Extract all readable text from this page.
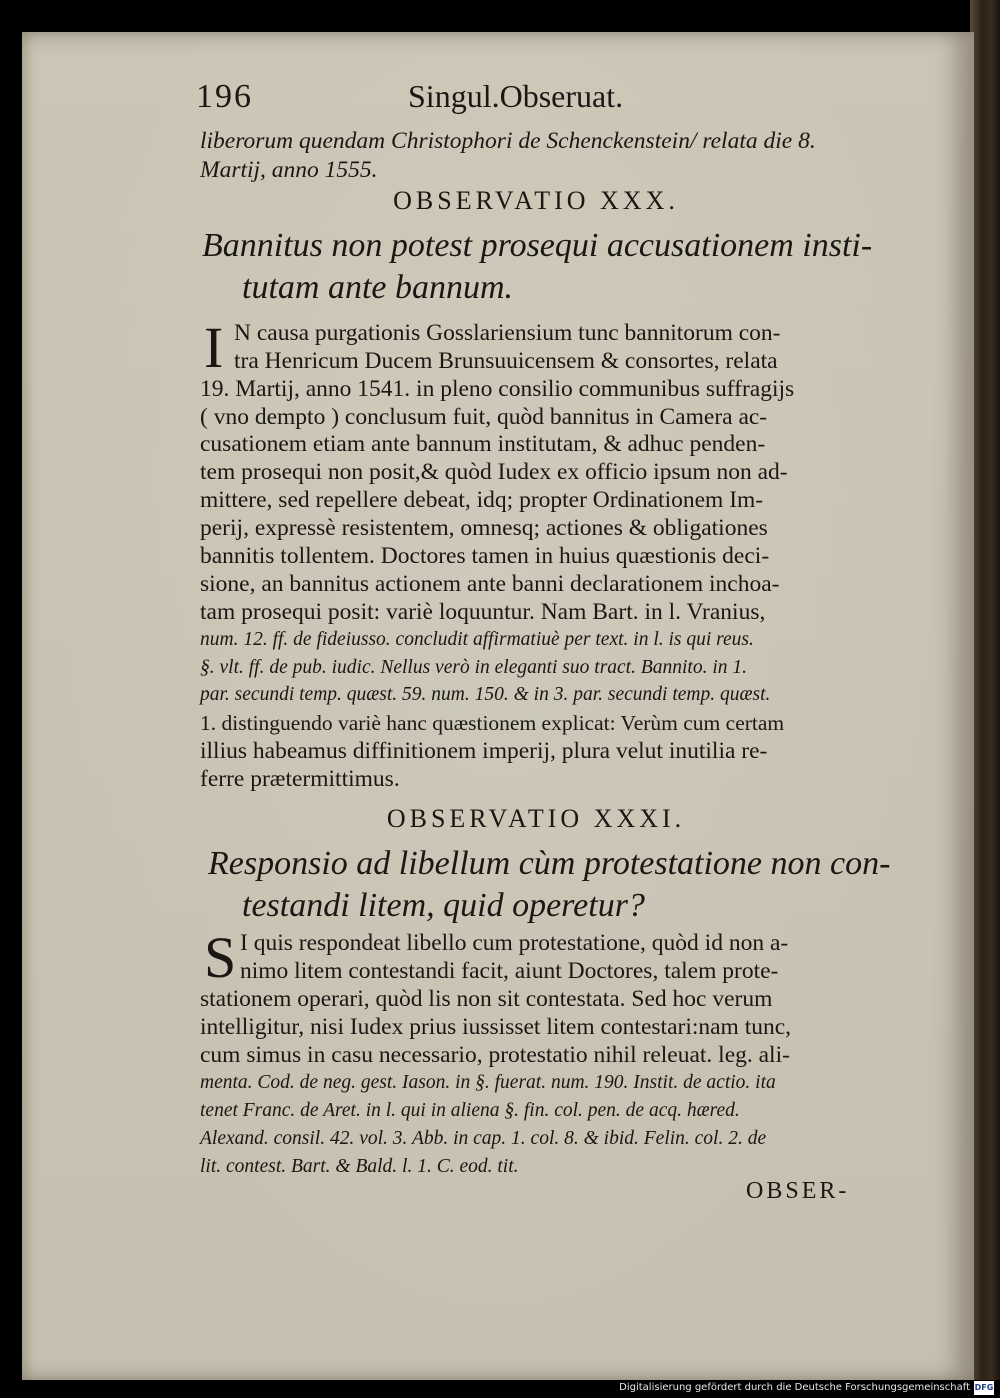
196	Singul.Obseruat.
liberorum quendam Christophori de Schenckenstein/ relata die 8.
Martij, anno 1555.
OBSERVATIO XXX.
Bannitus non potest prosequi accusationem insti-
tutam ante bannum.
I N causa purgationis Gosslariensium tunc bannitorum con-
tra Henricum Ducem Brunsuuicensem & consortes, relata
19. Martij, anno 1541. in pleno consilio communibus suffragijs
( vno dempto ) conclusum fuit, quòd bannitus in Camera ac-
cusationem etiam ante bannum institutam, & adhuc penden-
tem prosequi non posit,& quòd Iudex ex officio ipsum non ad-
mittere, sed repellere debeat, idq; propter Ordinationem Im-
perij, expressè resistentem, omnesq; actiones & obligationes
bannitis tollentem. Doctores tamen in huius quæstionis deci-
sione, an bannitus actionem ante banni declarationem inchoa-
tam prosequi posit: variè loquuntur. Nam Bart. in l. Vranius,
num. 12. ff. de fideiusso. concludit affirmatiuè per text. in l. is qui reus.
§. vlt. ff. de pub. iudic. Nellus verò in eleganti suo tract. Bannito. in 1.
par. secundi temp. quæst. 59. num. 150. & in 3. par. secundi temp. quæst.
1. distinguendo variè hanc quæstionem explicat: Verùm cum certam
illius habeamus diffinitionem imperij, plura velut inutilia re-
ferre prætermittimus.
OBSERVATIO XXXI.
Responsio ad libellum cùm protestatione non con-
testandi litem, quid operetur?
S I quis respondeat libello cum protestatione, quòd id non a-
nimo litem contestandi facit, aiunt Doctores, talem prote-
stationem operari, quòd lis non sit contestata. Sed hoc verum
intelligitur, nisi Iudex prius iussisset litem contestari:nam tunc,
cum simus in casu necessario, protestatio nihil releuat. leg. ali-
menta. Cod. de neg. gest. Iason. in §. fuerat. num. 190. Instit. de actio. ita
tenet Franc. de Aret. in l. qui in aliena §. fin. col. pen. de acq. hæred.
Alexand. consil. 42. vol. 3. Abb. in cap. 1. col. 8. & ibid. Felin. col. 2. de
lit. contest. Bart. & Bald. l. 1. C. eod. tit.
OBSER-
Digitalisierung gefördert durch die Deutsche Forschungsgemeinschaft DFG
